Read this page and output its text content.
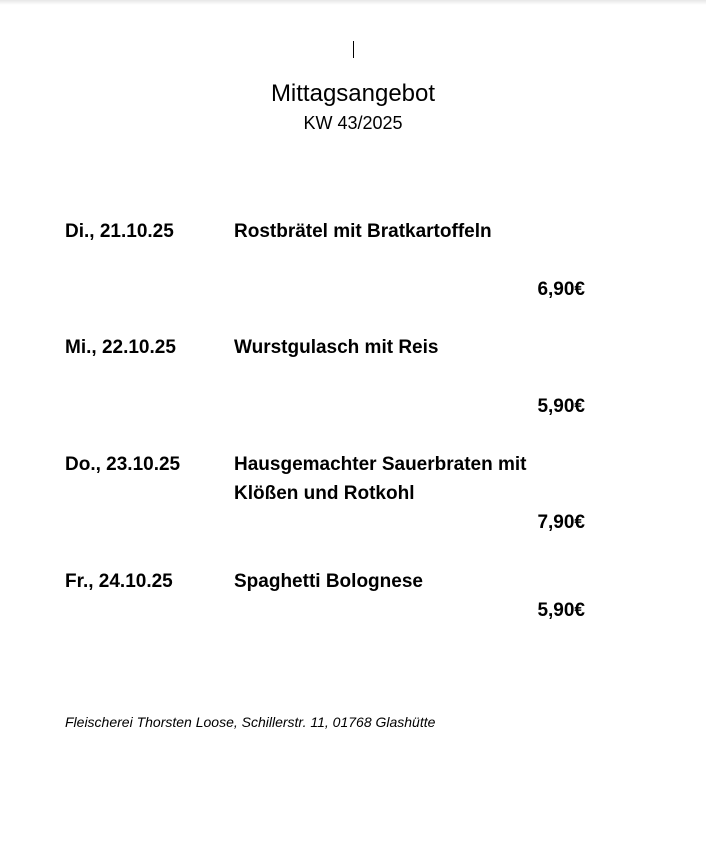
Mittagsangebot
KW 43/2025
Di., 21.10.25	Rostbrätel mit Bratkartoffeln
6,90€
Mi., 22.10.25	Wurstgulasch mit Reis
5,90€
Do., 23.10.25	Hausgemachter Sauerbraten mit Klößen und Rotkohl
7,90€
Fr., 24.10.25	Spaghetti Bolognese
5,90€
Fleischerei Thorsten Loose, Schillerstr. 11, 01768 Glashütte
